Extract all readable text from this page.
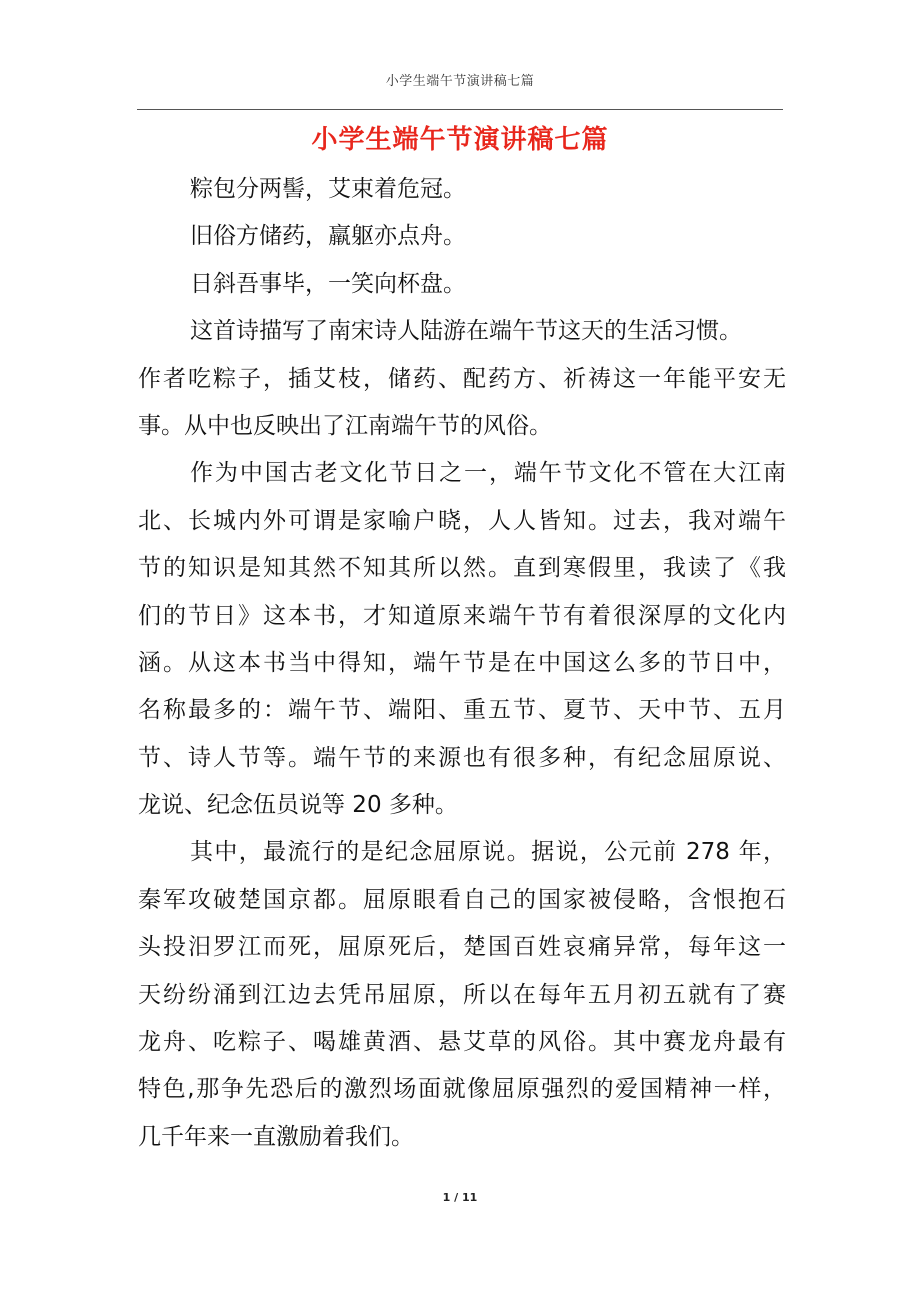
小学生端午节演讲稿七篇
小学生端午节演讲稿七篇
粽包分两髻，艾束着危冠。
旧俗方储药，羸躯亦点舟。
日斜吾事毕，一笑向杯盘。
这首诗描写了南宋诗人陆游在端午节这天的生活习惯。
作者吃粽子，插艾枝，储药、配药方、祈祷这一年能平安无
事。从中也反映出了江南端午节的风俗。
作为中国古老文化节日之一，端午节文化不管在大江南
北、长城内外可谓是家喻户晓，人人皆知。过去，我对端午
节的知识是知其然不知其所以然。直到寒假里，我读了《我
们的节日》这本书，才知道原来端午节有着很深厚的文化内
涵。从这本书当中得知，端午节是在中国这么多的节日中，
名称最多的：端午节、端阳、重五节、夏节、天中节、五月
节、诗人节等。端午节的来源也有很多种，有纪念屈原说、
龙说、纪念伍员说等 20 多种。
其中，最流行的是纪念屈原说。据说，公元前 278 年，
秦军攻破楚国京都。屈原眼看自己的国家被侵略，含恨抱石
头投汨罗江而死，屈原死后，楚国百姓哀痛异常，每年这一
天纷纷涌到江边去凭吊屈原，所以在每年五月初五就有了赛
龙舟、吃粽子、喝雄黄酒、悬艾草的风俗。其中赛龙舟最有
特色,那争先恐后的激烈场面就像屈原强烈的爱国精神一样，
几千年来一直激励着我们。
1 / 11
